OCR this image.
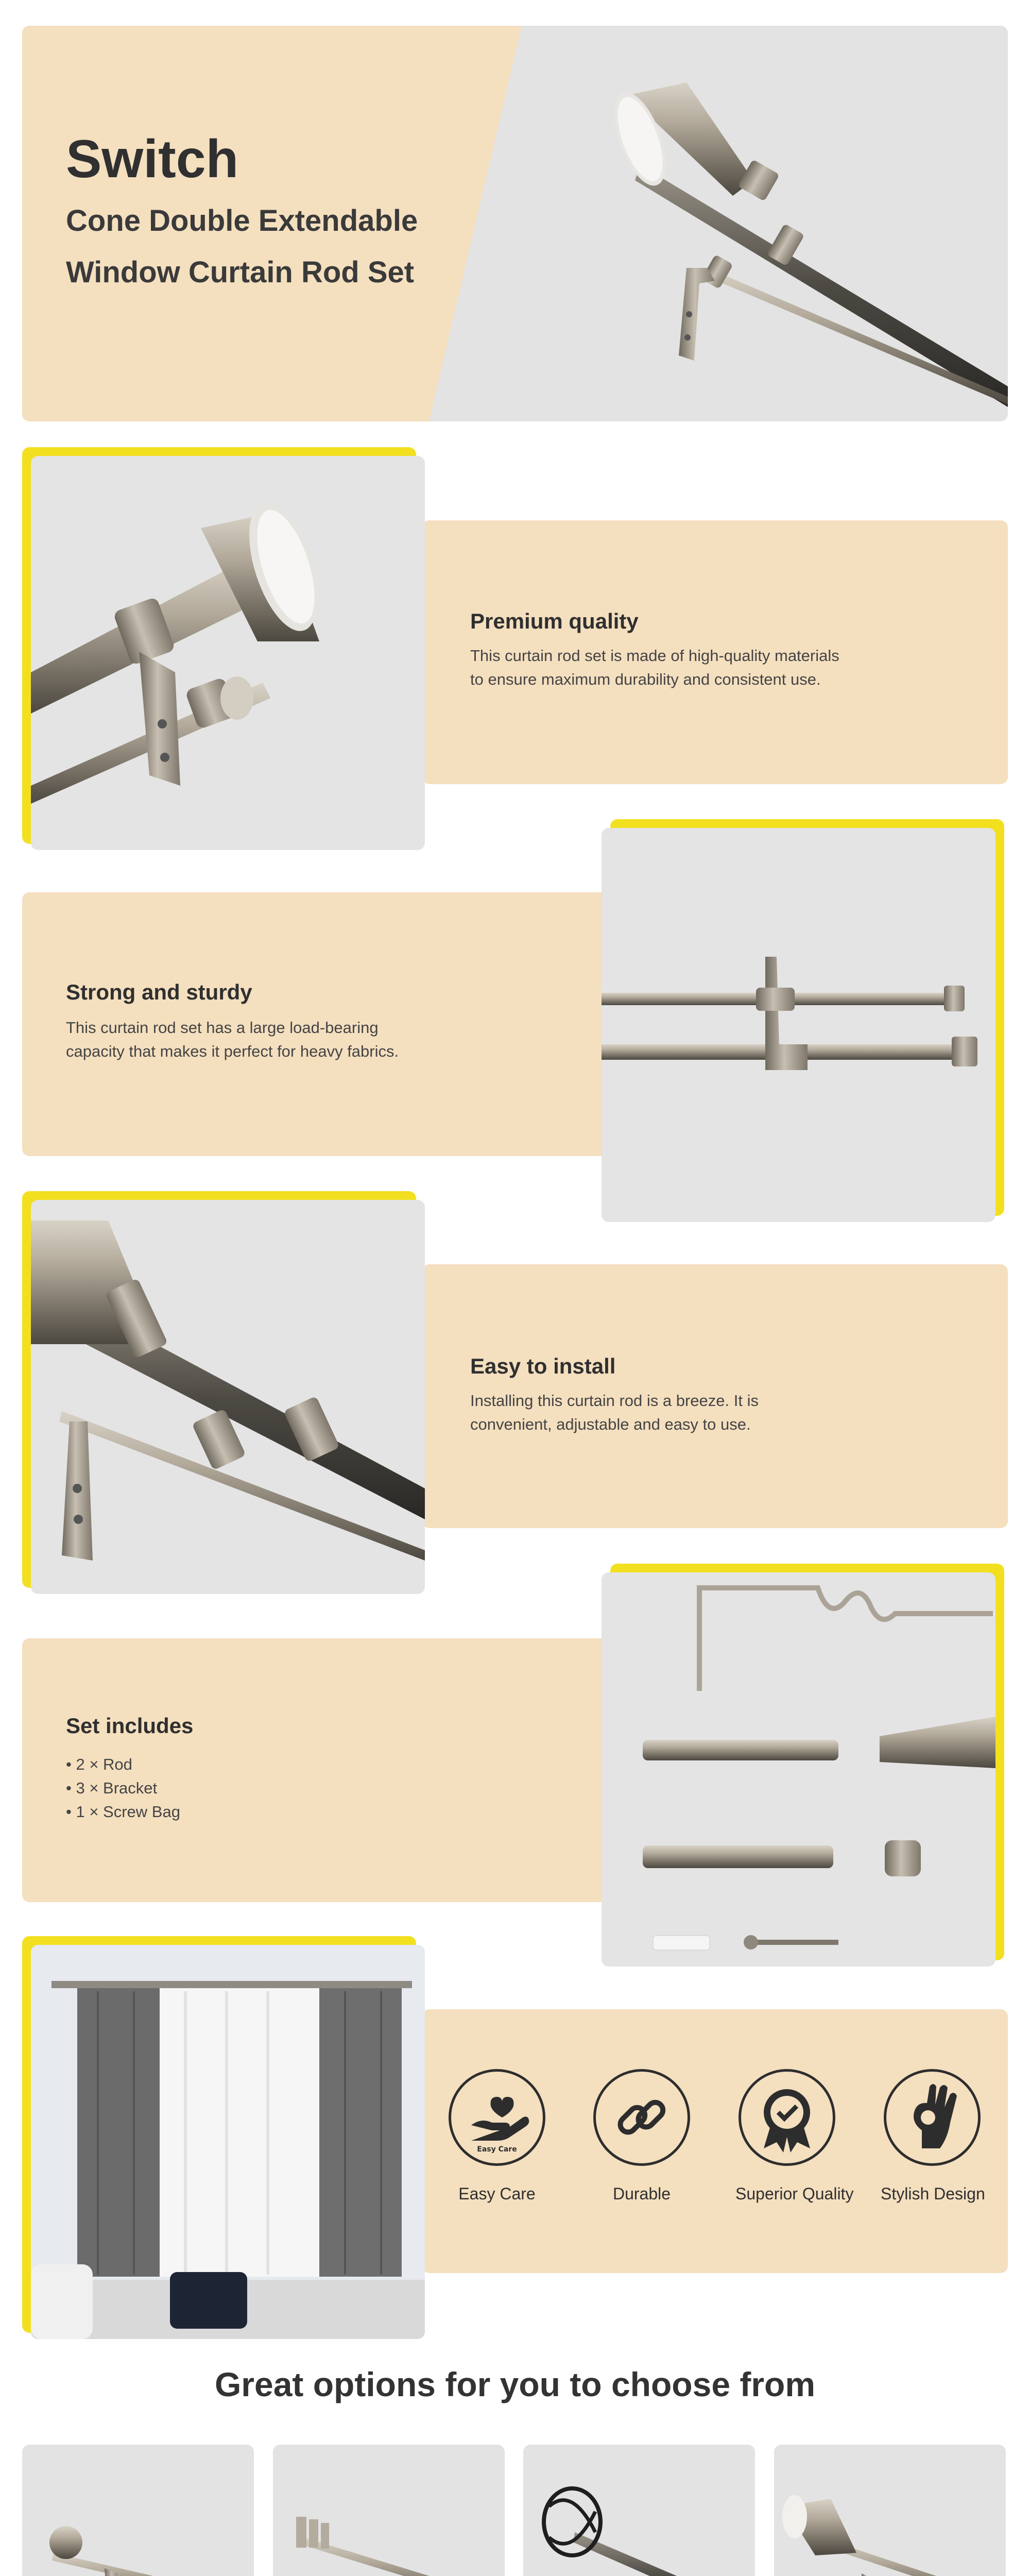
Switch
Cone Double Extendable
Window Curtain Rod Set
Premium quality
This curtain rod set is made of high-quality materials
to ensure maximum durability and consistent use.
Strong and sturdy
This curtain rod set has a large load-bearing
capacity that makes it perfect for heavy fabrics.
Easy to install
Installing this curtain rod is a breeze. It is
convenient, adjustable and easy to use.
Set includes
• 2 × Rod
• 3 × Bracket
• 1 × Screw Bag
Easy Care
Easy Care	Durable	Superior Quality Stylish Design
Great options for you to choose from
